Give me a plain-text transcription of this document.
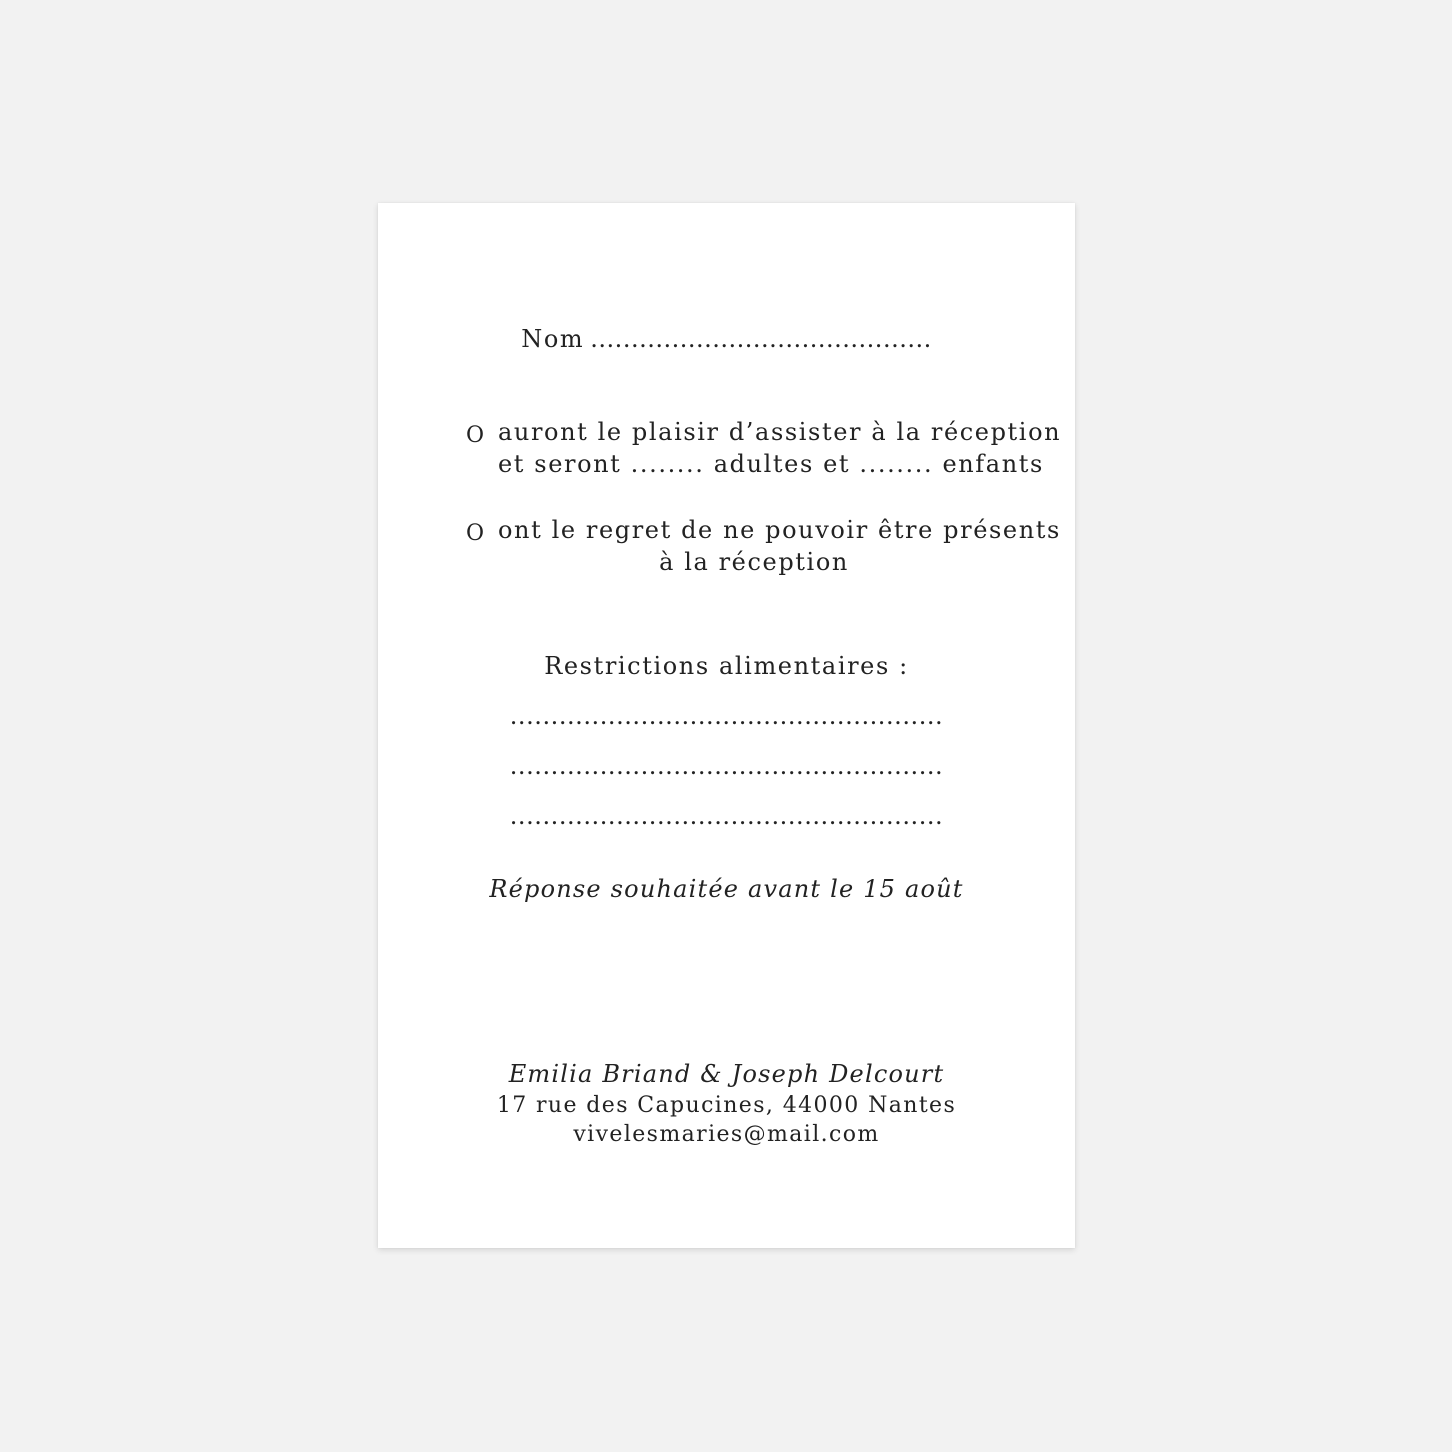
Nom ..........................................
O auront le plaisir d’assister à la réception
et seront ........ adultes et ........ enfants
O ont le regret de ne pouvoir être présents
à la réception
Restrictions alimentaires :
.....................................................
.....................................................
.....................................................
Réponse souhaitée avant le 15 août
Emilia Briand & Joseph Delcourt
17 rue des Capucines, 44000 Nantes
vivelesmaries@mail.com
